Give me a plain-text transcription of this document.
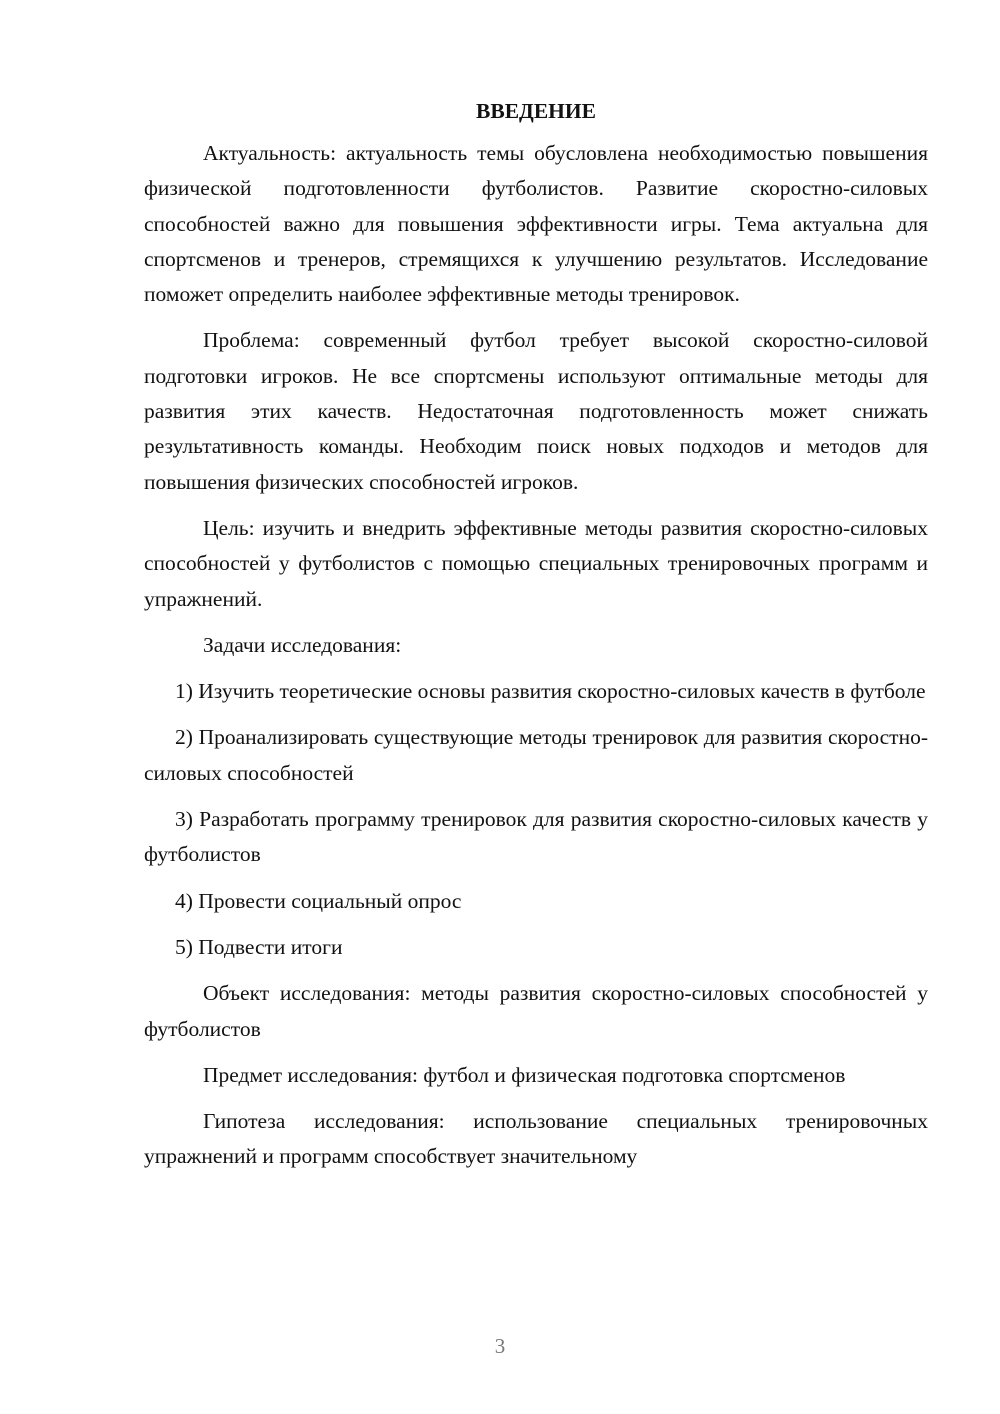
ВВЕДЕНИЕ

Актуальность: актуальность темы обусловлена необходимостью повышения физической подготовленности футболистов. Развитие скоростно-силовых способностей важно для повышения эффективности игры. Тема актуальна для спортсменов и тренеров, стремящихся к улучшению результатов. Исследование поможет определить наиболее эффективные методы тренировок.

Проблема: современный футбол требует высокой скоростно-силовой подготовки игроков. Не все спортсмены используют оптимальные методы для развития этих качеств. Недостаточная подготовленность может снижать результативность команды. Необходим поиск новых подходов и методов для повышения физических способностей игроков.

Цель: изучить и внедрить эффективные методы развития скоростно-силовых способностей у футболистов с помощью специальных тренировочных программ и упражнений.

Задачи исследования:

1) Изучить теоретические основы развития скоростно-силовых качеств в футболе

2) Проанализировать существующие методы тренировок для развития скоростно-силовых способностей

3) Разработать программу тренировок для развития скоростно-силовых качеств у футболистов

4) Провести социальный опрос

5) Подвести итоги

Объект исследования: методы развития скоростно-силовых способностей у футболистов

Предмет исследования: футбол и физическая подготовка спортсменов

Гипотеза исследования: использование специальных тренировочных упражнений и программ способствует значительному

3
